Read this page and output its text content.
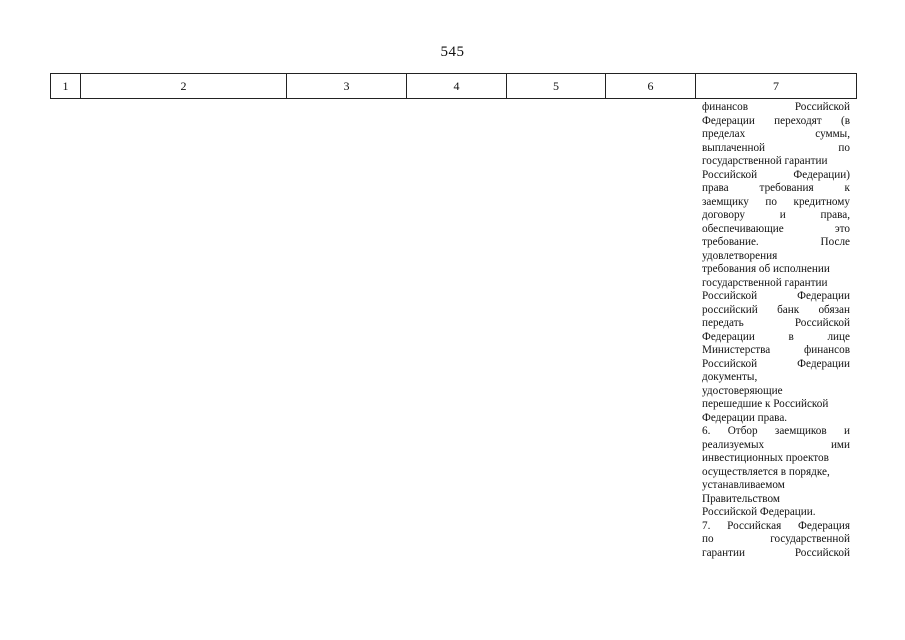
545
1	2	3	4	5	6	7

финансов Российской

Федерации переходят (в

пределах суммы,

выплаченной по

государственной гарантии

Российской Федерации)

права требования к

заемщику по кредитному

договору и права,

обеспечивающие это

требование. После

удовлетворения

требования об исполнении

государственной гарантии

Российской Федерации

российский банк обязан

передать Российской

Федерации в лице

Министерства финансов

Российской Федерации

документы,

удостоверяющие

перешедшие к Российской

Федерации права.

6. Отбор заемщиков и

реализуемых ими

инвестиционных проектов

осуществляется в порядке,

устанавливаемом

Правительством

Российской Федерации.

7. Российская Федерация

по государственной

гарантии Российской
